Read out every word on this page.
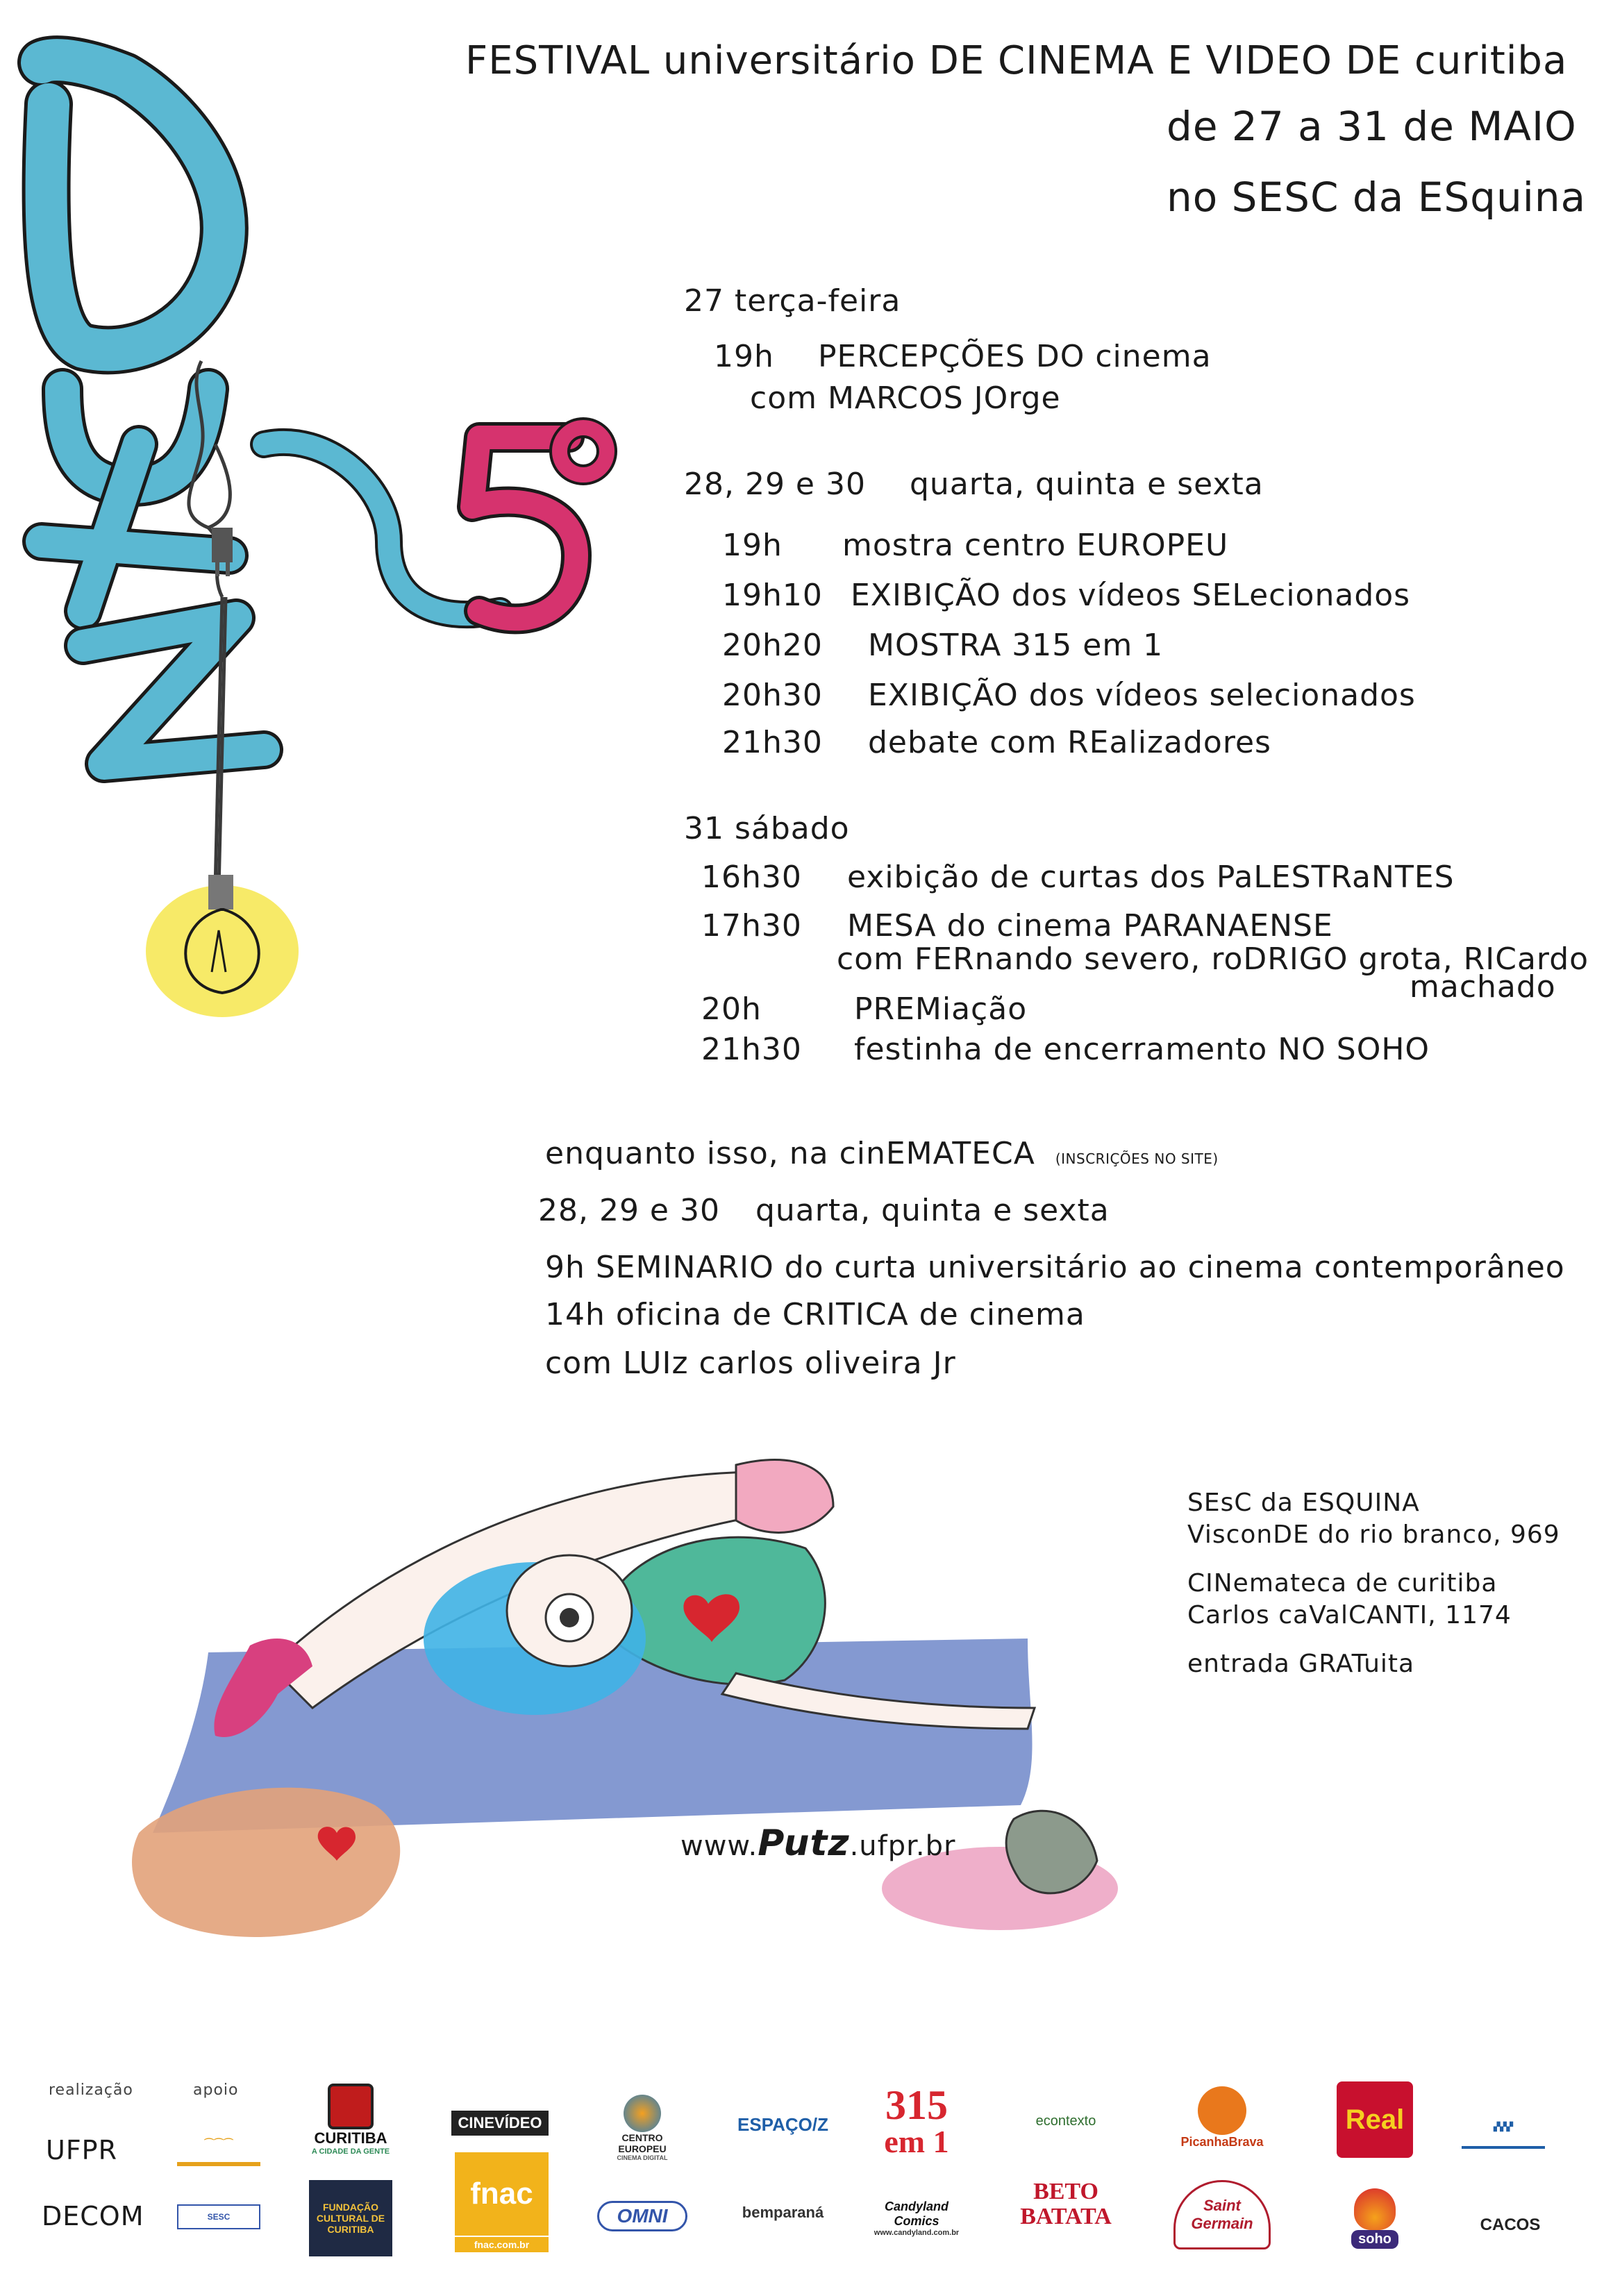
FESTIVAL universitário DE CINEMA E VIDEO DE curitiba
de 27 a 31 de MAIO
no SESC da ESquina
27 terça-feira
19h PERCEPÇÕES DO cinema
com MARCOS JOrge
28, 29 e 30 quarta, quinta e sexta
19h mostra centro EUROPEU
19h10 EXIBIÇÃO dos vídeos SELecionados
20h20 MOSTRA 315 em 1
20h30 EXIBIÇÃO dos vídeos selecionados
21h30 debate com REalizadores
31 sábado
16h30 exibição de curtas dos PaLESTRaNTES
17h30 MESA do cinema PARANAENSE
com FERnando severo, roDRIGO grota, RICardo
machado
20h	PREMiação
21h30 festinha de encerramento NO SOHO
enquanto isso, na cinEMATECA (INSCRIÇÕES NO SITE)
28, 29 e 30 quarta, quinta e sexta
9h SEMINARIO do curta universitário ao cinema contemporâneo
14h oficina de CRITICA de cinema
com LUIz carlos oliveira Jr
SEsC da ESQUINA
VisconDE do rio branco, 969
CINemateca de curitiba
Carlos caValCANTI, 1174
entrada GRATuita
www.Putz.ufpr.br
realização	apoio
UFPR
DECOM
⌒⌒⌒
SESC
CURITIBA
A CIDADE DA GENTE
FUNDAÇÃO CULTURAL DE CURITIBA
CINEVÍDEO
fnac
fnac.com.br
CENTRO EUROPEU
CINEMA DIGITAL
OMNI
ESPAÇO/Z
bemparaná
315
em 1
Candyland Comics
www.candyland.com.br
econtexto
BETO BATATA
PicanhaBrava
Saint Germain
Real
soho
▞▞▞
CACOS
